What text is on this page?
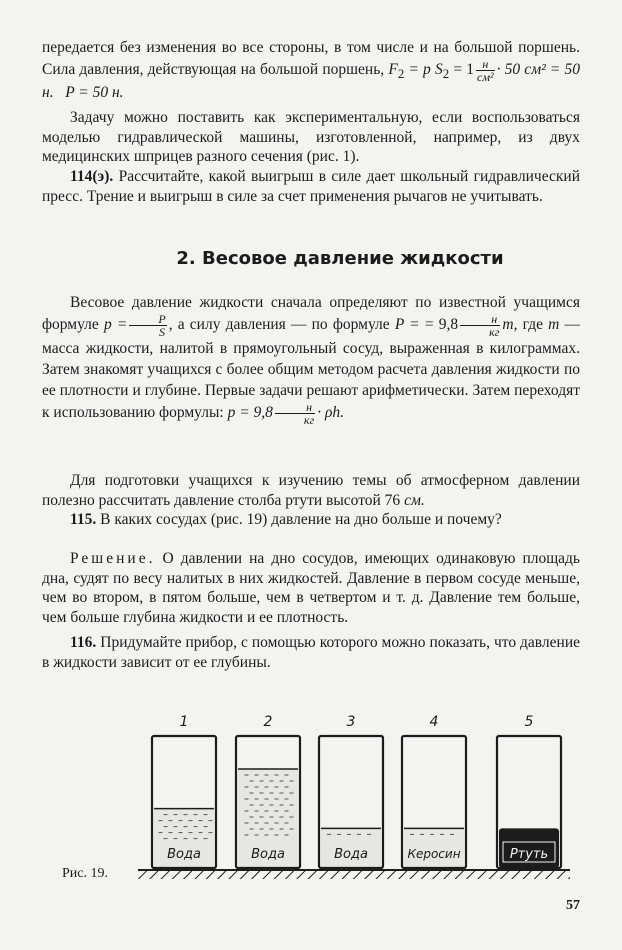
передается без изменения во все стороны, в том числе и на большой поршень. Сила давления, действующая на большой поршень, $F_2 = p$ $S_2 = 1 \frac{н}{\text{см²}} \cdot 50$ см² = 50 н. P = 50 н.

Задачу можно поставить как экспериментальную, если воспользоваться моделью гидравлической машины, изготовленной, например, из двух медицинских шприцев разного сечения (рис. 1).

114(э). Рассчитайте, какой выигрыш в силе дает школьный гидравлический пресс. Трение и выигрыш в силе за счет применения рычагов не учитывать.

2. Весовое давление жидкости

Весовое давление жидкости сначала определяют по известной учащимся формуле $p = \frac{P}{S}$ , а силу давления — по формуле P = = $9,8 \frac{н}{кг} m$, где m — масса жидкости, налитой в прямоугольный сосуд, выраженная в килограммах. Затем знакомят учащихся с более общим методом расчета давления жидкости по ее плотности и глубине. Первые задачи решают арифметически. Затем переходят к использованию формулы: $p = 9,8 \frac{н}{кг} \cdot \rho h$.

Для подготовки учащихся к изучению темы об атмосферном давлении полезно рассчитать давление столба ртути высотой 76 см.

115. В каких сосудах (рис. 19) давление на дно больше и почему?

Решение. О давлении на дно сосудов, имеющих одинаковую площадь дна, судят по весу налитых в них жидкостей. Давление в первом сосуде меньше, чем во втором, в пятом больше, чем в четвертом и т. д. Давление тем больше, чем больше глубина жидкости и ее плотность.

116. Придумайте прибор, с помощью которого можно показать, что давление в жидкости зависит от ее глубины.

1
Вода
2
Вода
3
Вода
4
Керосин
5
Ртуть
Рис. 19.
57
